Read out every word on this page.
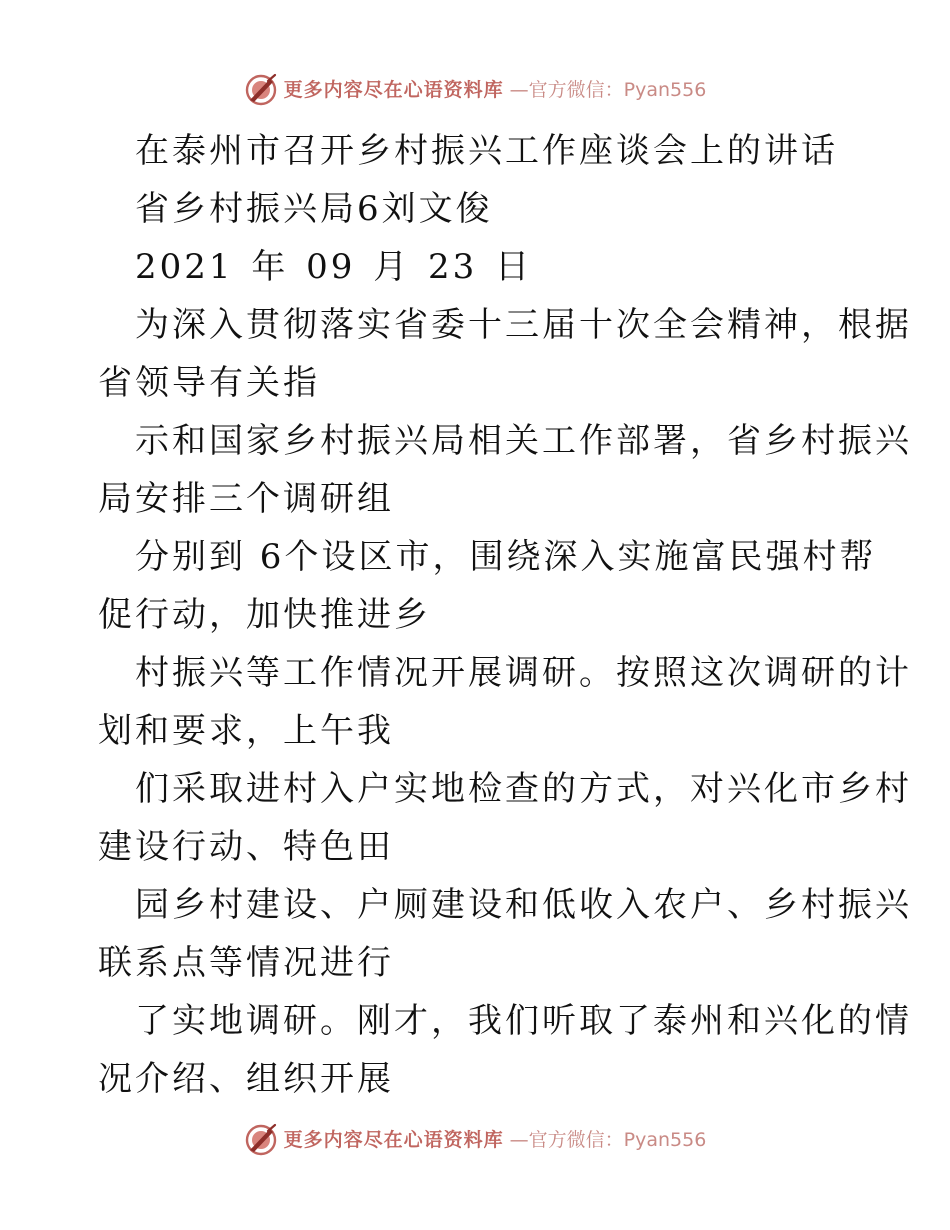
更多内容尽在心语资料库 —官方微信：Pyan556
在泰州市召开乡村振兴工作座谈会上的讲话
省乡村振兴局6刘文俊
2021 年 09 月 23 日
为深入贯彻落实省委十三届十次全会精神，根据
省领导有关指
示和国家乡村振兴局相关工作部署，省乡村振兴
局安排三个调研组
分别到 6个设区市，围绕深入实施富民强村帮
促行动，加快推进乡
村振兴等工作情况开展调研。按照这次调研的计
划和要求，上午我
们采取进村入户实地检查的方式，对兴化市乡村
建设行动、特色田
园乡村建设、户厕建设和低收入农户、乡村振兴
联系点等情况进行
了实地调研。刚才，我们听取了泰州和兴化的情
况介绍、组织开展
更多内容尽在心语资料库 —官方微信：Pyan556
